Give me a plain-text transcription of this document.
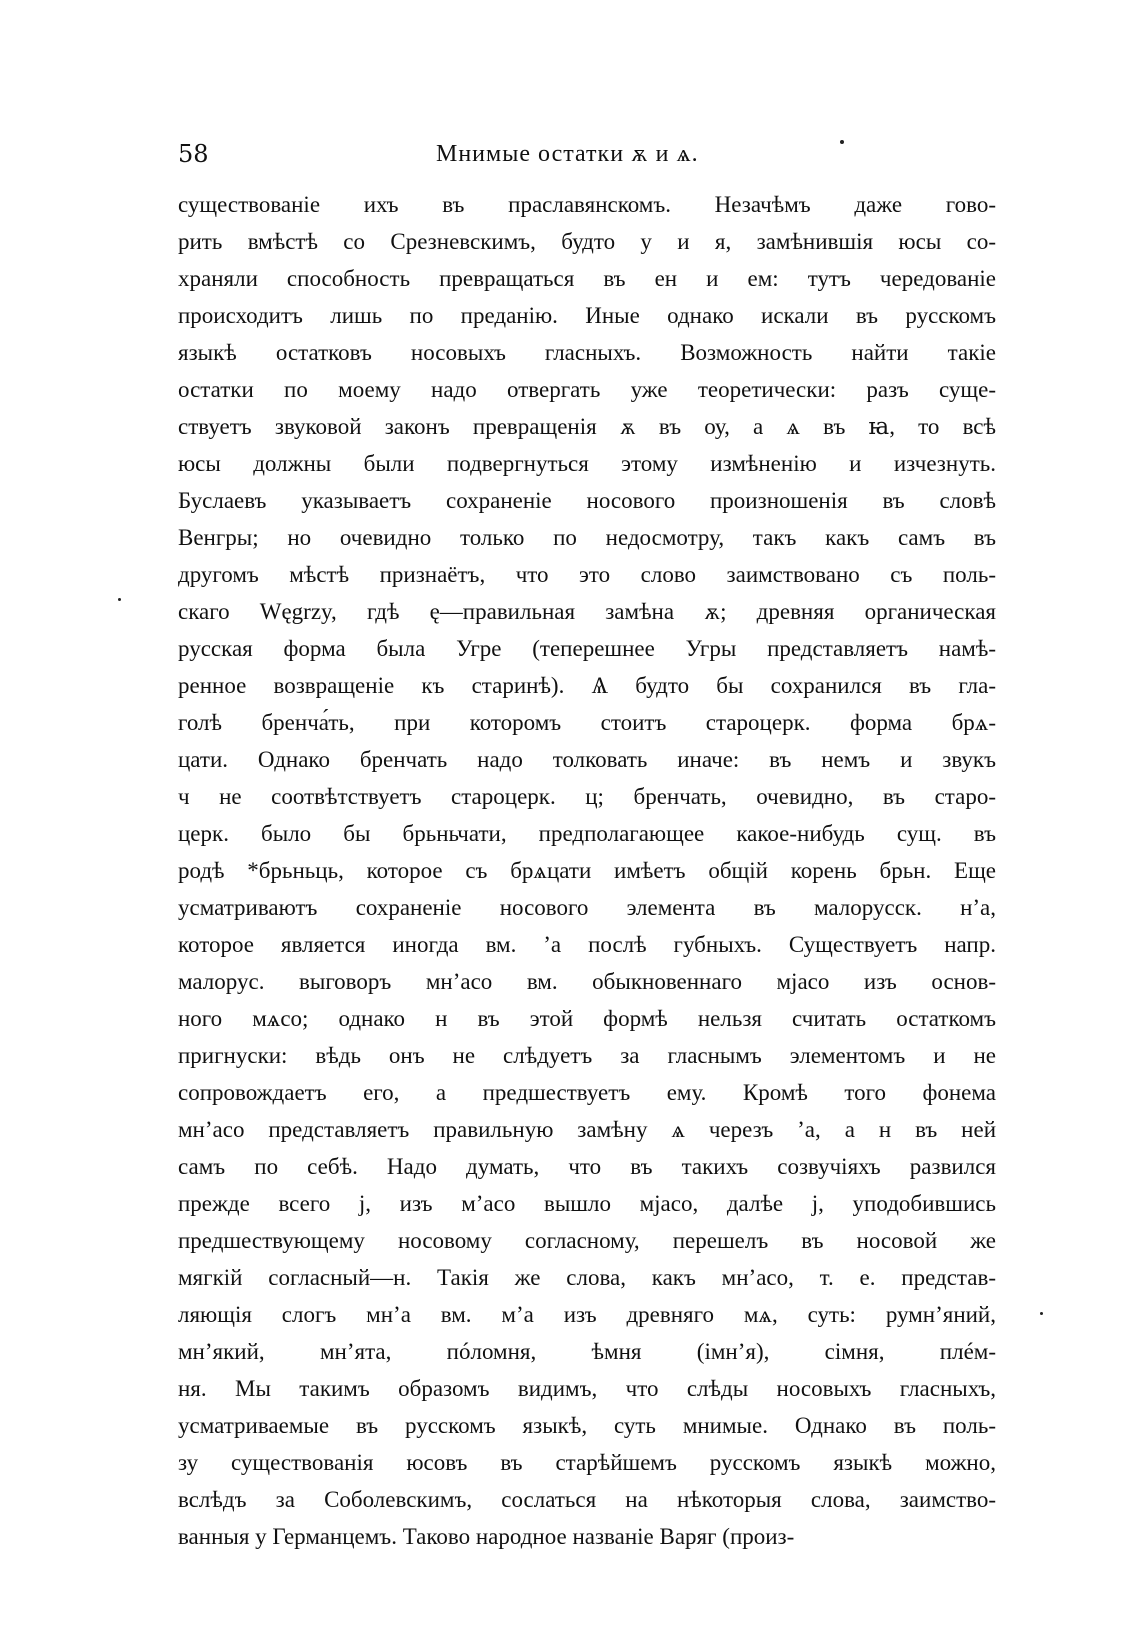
58	Мнимые остатки ѫ и ѧ.
существованіе ихъ въ праславянскомъ. Незачѣмъ даже гово-
рить вмѣстѣ со Срезневскимъ, будто у и я, замѣнившія юсы со-
храняли способность превращаться въ ен и ем: тутъ чередованіе
происходитъ лишь по преданію. Иные однако искали въ русскомъ
языкѣ остатковъ носовыхъ гласныхъ. Возможность найти такіе
остатки по моему надо отвергать уже теоретически: разъ суще-
ствуетъ звуковой законъ превращенія ѫ въ оу, а ѧ въ ꙗ, то всѣ
юсы должны были подвергнуться этому измѣненію и изчезнуть.
Буслаевъ указываетъ сохраненіе носового произношенія въ словѣ
Венгры; но очевидно только по недосмотру, такъ какъ самъ въ
другомъ мѣстѣ признаётъ, что это слово заимствовано съ поль-
скаго Węgrzy, гдѣ ę—правильная замѣна ѫ; древняя органическая
русская форма была Угре (теперешнее Угры представляетъ намѣ-
ренное возвращеніе къ старинѣ). Ѧ будто бы сохранился въ гла-
голѣ бренча́ть, при которомъ стоитъ староцерк. форма брѧ-
цати. Однако бренчать надо толковать иначе: въ немъ и звукъ
ч не соотвѣтствуетъ староцерк. ц; бренчать, очевидно, въ старо-
церк. было бы брьньчати, предполагающее какое-нибудь сущ. въ
родѣ *брьньць, которое съ брѧцати имѣетъ общій корень брьн. Еще
усматриваютъ сохраненіе носового элемента въ малорусск. нʼа,
которое является иногда вм. ʼа послѣ губныхъ. Существуетъ напр.
малорус. выговоръ мнʼасо вм. обыкновеннаго мјасо изъ основ-
ного мѧсо; однако н въ этой формѣ нельзя считать остаткомъ
пригнуски: вѣдь онъ не слѣдуетъ за гласнымъ элементомъ и не
сопровождаетъ его, а предшествуетъ ему. Кромѣ того фонема
мнʼасо представляетъ правильную замѣну ѧ черезъ ʼа, а н въ ней
самъ по себѣ. Надо думать, что въ такихъ созвучіяхъ развился
прежде всего ј, изъ мʼасо вышло мјасо, далѣе ј, уподобившись
предшествующему носовому согласному, перешелъ въ носовой же
мягкій согласный—н. Такія же слова, какъ мнʼасо, т. е. представ-
ляющія слогъ мнʼа вм. мʼа изъ древняго мѧ, суть: румнʼяний,
мнʼякий, мнʼята, пóломня, ѣмня (імнʼя), сімня, плéм-
ня. Мы такимъ образомъ видимъ, что слѣды носовыхъ гласныхъ,
усматриваемые въ русскомъ языкѣ, суть мнимые. Однако въ поль-
зу существованія юсовъ въ старѣйшемъ русскомъ языкѣ можно,
вслѣдъ за Соболевскимъ, сослаться на нѣкоторыя слова, заимство-
ванныя у Германцемъ. Таково народное названіе Варяг (произ-
